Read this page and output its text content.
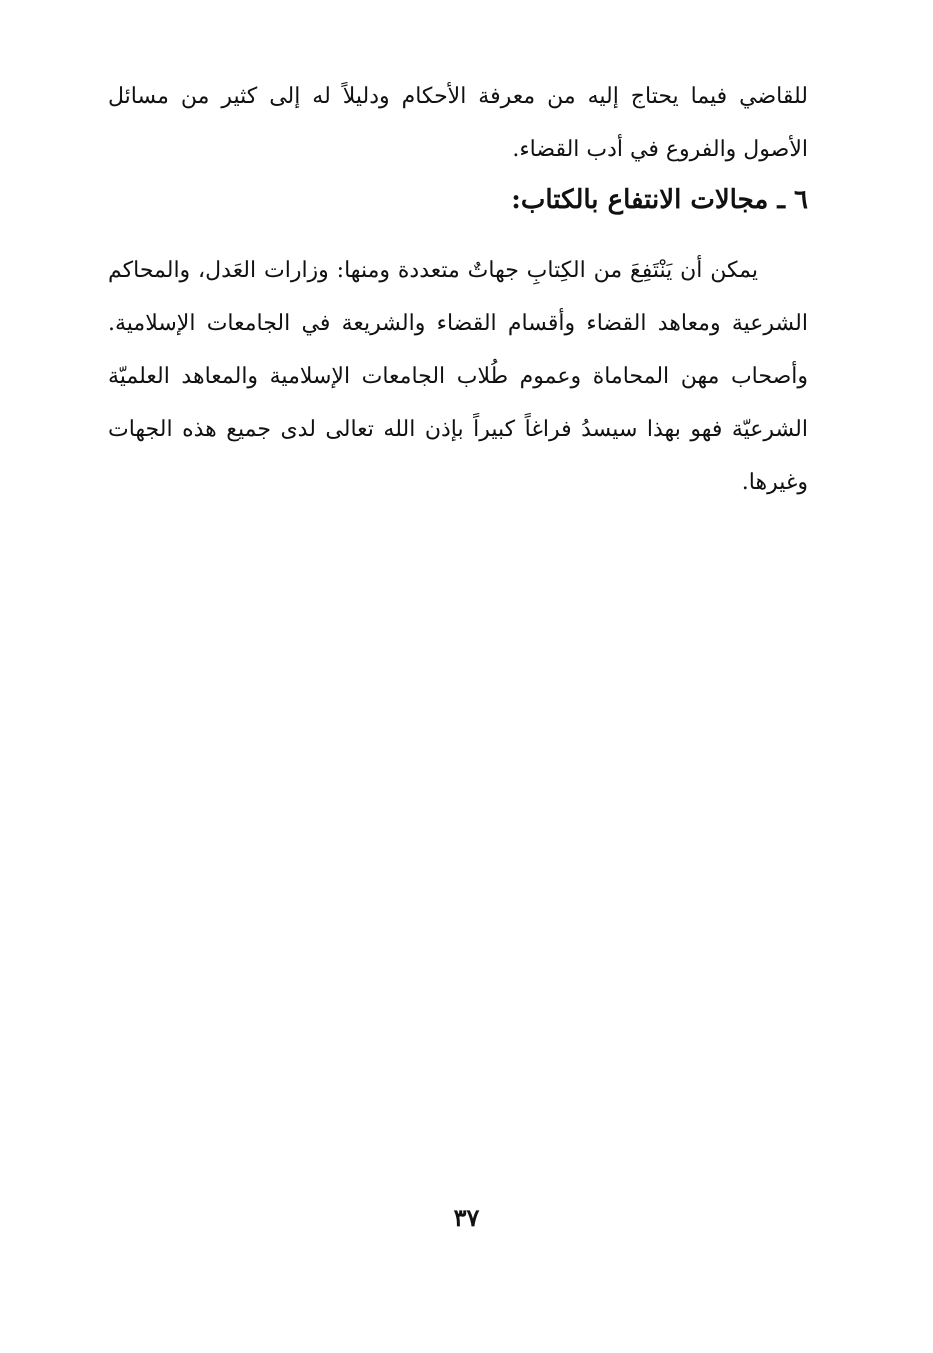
للقاضي فيما يحتاج إليه من معرفة الأحكام ودليلاً له إلى كثير من مسائل الأصول والفروع في أدب القضاء.

٦ ـ مجالات الانتفاع بالكتاب:

يمكن أن يَنْتَفِعَ من الكِتابِ جهاتٌ متعددة ومنها: وزارات العَدل، والمحاكم الشرعية ومعاهد القضاء وأقسام القضاء والشريعة في الجامعات الإسلامية. وأصحاب مهن المحاماة وعموم طُلاب الجامعات الإسلامية والمعاهد العلميّة الشرعيّة فهو بهذا سيسدُ فراغاً كبيراً بإذن الله تعالى لدى جميع هذه الجهات وغيرها.

٣٧
